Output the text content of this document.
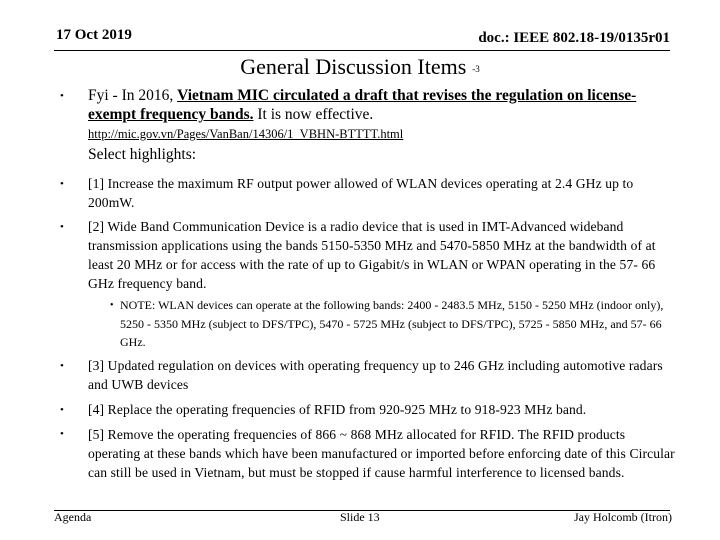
17 Oct 2019	doc.: IEEE 802.18-19/0135r01
General Discussion Items -3
• Fyi - In 2016, Vietnam MIC circulated a draft that revises the regulation on license-exempt frequency bands. It is now effective.
http://mic.gov.vn/Pages/VanBan/14306/1_VBHN-BTTTT.html
Select highlights:
• [1] Increase the maximum RF output power allowed of WLAN devices operating at 2.4 GHz up to 200mW.
• [2] Wide Band Communication Device is a radio device that is used in IMT-Advanced wideband transmission applications using the bands 5150-5350 MHz and 5470-5850 MHz at the bandwidth of at least 20 MHz or for access with the rate of up to Gigabit/s in WLAN or WPAN operating in the 57- 66 GHz frequency band.
• NOTE: WLAN devices can operate at the following bands: 2400 - 2483.5 MHz, 5150 - 5250 MHz (indoor only), 5250 - 5350 MHz (subject to DFS/TPC), 5470 - 5725 MHz (subject to DFS/TPC), 5725 - 5850 MHz, and 57- 66 GHz.
• [3] Updated regulation on devices with operating frequency up to 246 GHz including automotive radars and UWB devices
• [4] Replace the operating frequencies of RFID from 920-925 MHz to 918-923 MHz band.
• [5] Remove the operating frequencies of 866 ~ 868 MHz allocated for RFID. The RFID products operating at these bands which have been manufactured or imported before enforcing date of this Circular can still be used in Vietnam, but must be stopped if cause harmful interference to licensed bands.
Agenda	Slide 13	Jay Holcomb (Itron)
